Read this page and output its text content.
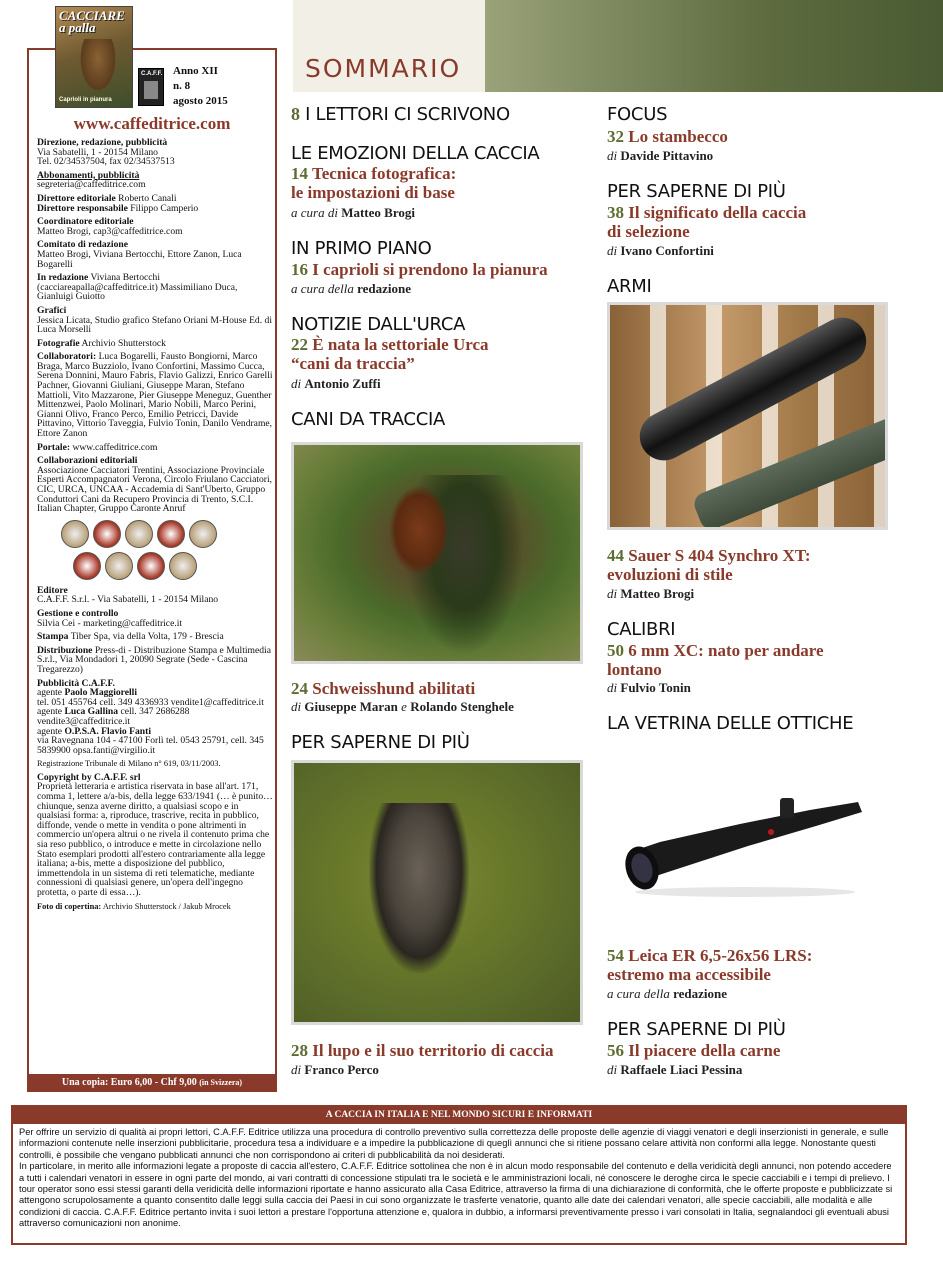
CACCIARE a palla
Caprioli in pianura
C.A.F.F. Anno XII
n. 8
agosto 2015
www.caffeditrice.com

Direzione, redazione, pubblicità
Via Sabatelli, 1 - 20154 Milano
Tel. 02/34537504, fax 02/34537513

Abbonamenti, pubblicità
segreteria@caffeditrice.com

Direttore editoriale Roberto Canali
Direttore responsabile Filippo Camperio

Coordinatore editoriale
Matteo Brogi, cap3@caffeditrice.com

Comitato di redazione
Matteo Brogi, Viviana Bertocchi, Ettore Zanon, Luca Bogarelli

In redazione Viviana Bertocchi (cacciareapalla@caffeditrice.it) Massimiliano Duca, Gianluigi Guiotto

Grafici
Jessica Licata, Studio grafico Stefano Oriani M-House Ed. di Luca Morselli

Fotografie Archivio Shutterstock

Collaboratori: Luca Bogarelli, Fausto Bongiorni, Marco Braga, Marco Buzziolo, Ivano Confortini, Massimo Cucca, Serena Donnini, Mauro Fabris, Flavio Galizzi, Enrico Garelli Pachner, Giovanni Giuliani, Giuseppe Maran, Stefano Mattioli, Vito Mazzarone, Pier Giuseppe Meneguz, Guenther Mittenzwei, Paolo Molinari, Mario Nobili, Marco Perini, Gianni Olivo, Franco Perco, Emilio Petricci, Davide Pittavino, Vittorio Taveggia, Fulvio Tonin, Danilo Vendrame, Ettore Zanon

Portale: www.caffeditrice.com

Collaborazioni editoriali
Associazione Cacciatori Trentini, Associazione Provinciale Esperti Accompagnatori Verona, Circolo Friulano Cacciatori, CIC, URCA, UNCAA - Accademia di Sant'Uberto, Gruppo Conduttori Cani da Recupero Provincia di Trento, S.C.I. Italian Chapter, Gruppo Caronte Anruf

Editore
C.A.F.F. S.r.l. - Via Sabatelli, 1 - 20154 Milano

Gestione e controllo
Silvia Cei - marketing@caffeditrice.it

Stampa Tiber Spa, via della Volta, 179 - Brescia

Distribuzione Press-di - Distribuzione Stampa e Multimedia S.r.l., Via Mondadori 1, 20090 Segrate (Sede - Cascina Tregarezzo)

Pubblicità C.A.F.F.
agente Paolo Maggiorelli
tel. 051 455764 cell. 349 4336933 vendite1@caffeditrice.it
agente Luca Gallina cell. 347 2686288 vendite3@caffeditrice.it
agente O.P.S.A. Flavio Fanti
via Ravegnana 104 - 47100 Forlì tel. 0543 25791, cell. 345 5839900 opsa.fanti@virgilio.it

Registrazione Tribunale di Milano n° 619, 03/11/2003.

Copyright by C.A.F.F. srl
Proprietà letteraria e artistica riservata in base all'art. 171, comma 1, lettere a/a-bis, della legge 633/1941 (… è punito… chiunque, senza averne diritto, a qualsiasi scopo e in qualsiasi forma: a, riproduce, trascrive, recita in pubblico, diffonde, vende o mette in vendita o pone altrimenti in commercio un'opera altrui o ne rivela il contenuto prima che sia reso pubblico, o introduce e mette in circolazione nello Stato esemplari prodotti all'estero contrariamente alla legge italiana; a-bis, mette a disposizione del pubblico, immettendola in un sistema di reti telematiche, mediante connessioni di qualsiasi genere, un'opera dell'ingegno protetta, o parte di essa…).

Foto di copertina: Archivio Shutterstock / Jakub Mrocek

Una copia: Euro 6,00 - Chf 9,00 (in Svizzera)
SOMMARIO
8 I LETTORI CI SCRIVONO
LE EMOZIONI DELLA CACCIA
14 Tecnica fotografica:
le impostazioni di base
a cura di Matteo Brogi
IN PRIMO PIANO
16 I caprioli si prendono la pianura
a cura della redazione
NOTIZIE DALL'URCA
22 È nata la settoriale Urca
“cani da traccia”
di Antonio Zuffi
CANI DA TRACCIA
24 Schweisshund abilitati
di Giuseppe Maran e Rolando Stenghele
PER SAPERNE DI PIÙ
28 Il lupo e il suo territorio di caccia
di Franco Perco
FOCUS
32 Lo stambecco
di Davide Pittavino
PER SAPERNE DI PIÙ
38 Il significato della caccia
di selezione
di Ivano Confortini
ARMI
44 Sauer S 404 Synchro XT:
evoluzioni di stile
di Matteo Brogi
CALIBRI
50 6 mm XC: nato per andare
lontano
di Fulvio Tonin
LA VETRINA DELLE OTTICHE
54 Leica ER 6,5-26x56 LRS:
estremo ma accessibile
a cura della redazione
PER SAPERNE DI PIÙ
56 Il piacere della carne
di Raffaele Liaci Pessina
A CACCIA IN ITALIA E NEL MONDO SICURI E INFORMATI

Per offrire un servizio di qualità ai propri lettori, C.A.F.F. Editrice utilizza una procedura di controllo preventivo sulla correttezza delle proposte delle agenzie di viaggi venatori e degli inserzionisti in generale, e sulle informazioni contenute nelle inserzioni pubblicitarie, procedura tesa a individuare e a impedire la pubblicazione di queglì annunci che si ritiene possano celare attività non conformi alla legge. Nonostante questi controlli, è possibile che vengano pubblicati annunci che non corrispondono ai criteri di pubblicabilità da noi desiderati.

In particolare, in merito alle informazioni legate a proposte di caccia all'estero, C.A.F.F. Editrice sottolinea che non è in alcun modo responsabile del contenuto e della veridicità degli annunci, non potendo accedere a tutti i calendari venatori in essere in ogni parte del mondo, ai vari contratti di concessione stipulati tra le società e le amministrazioni locali, né conoscere le deroghe circa le specie cacciabili e i tempi di prelievo. I tour operator sono essi stessi garanti della veridicità delle informazioni riportate e hanno assicurato alla Casa Editrice, attraverso la firma di una dichiarazione di conformità, che le offerte proposte e pubblicizzate si attengono scrupolosamente a quanto consentito dalle leggi sulla caccia dei Paesi in cui sono organizzate le trasferte venatorie, quanto alle date dei calendari venatori, alle specie cacciabili, alle modalità e alle condizioni di caccia. C.A.F.F. Editrice pertanto invita i suoi lettori a prestare l'opportuna attenzione e, qualora in dubbio, a informarsi preventivamente presso i vari consolati in Italia, segnalandoci gli eventuali abusi attraverso comunicazioni non anonime.
